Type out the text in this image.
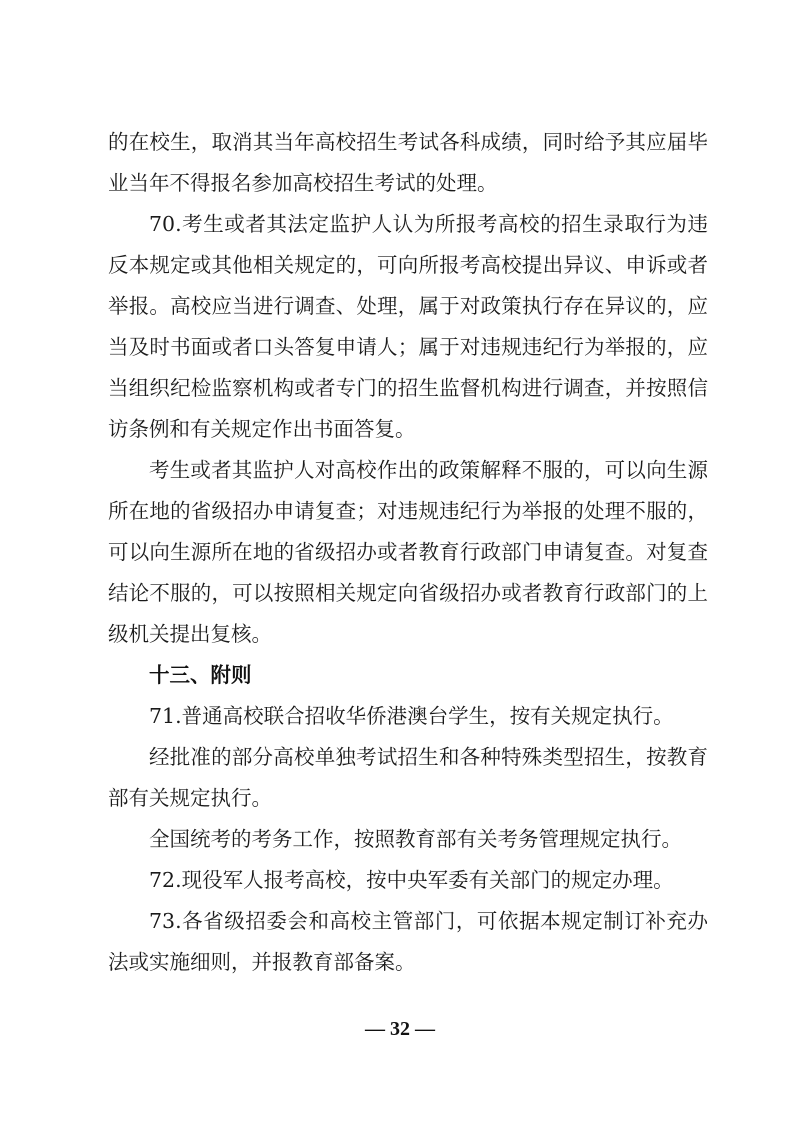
的在校生，取消其当年高校招生考试各科成绩，同时给予其应届毕业当年不得报名参加高校招生考试的处理。

70.考生或者其法定监护人认为所报考高校的招生录取行为违反本规定或其他相关规定的，可向所报考高校提出异议、申诉或者举报。高校应当进行调查、处理，属于对政策执行存在异议的，应当及时书面或者口头答复申请人；属于对违规违纪行为举报的，应当组织纪检监察机构或者专门的招生监督机构进行调查，并按照信访条例和有关规定作出书面答复。

考生或者其监护人对高校作出的政策解释不服的，可以向生源所在地的省级招办申请复查；对违规违纪行为举报的处理不服的，可以向生源所在地的省级招办或者教育行政部门申请复查。对复查结论不服的，可以按照相关规定向省级招办或者教育行政部门的上级机关提出复核。

十三、附则

71.普通高校联合招收华侨港澳台学生，按有关规定执行。

经批准的部分高校单独考试招生和各种特殊类型招生，按教育部有关规定执行。

全国统考的考务工作，按照教育部有关考务管理规定执行。

72.现役军人报考高校，按中央军委有关部门的规定办理。

73.各省级招委会和高校主管部门，可依据本规定制订补充办法或实施细则，并报教育部备案。

— 32 —
